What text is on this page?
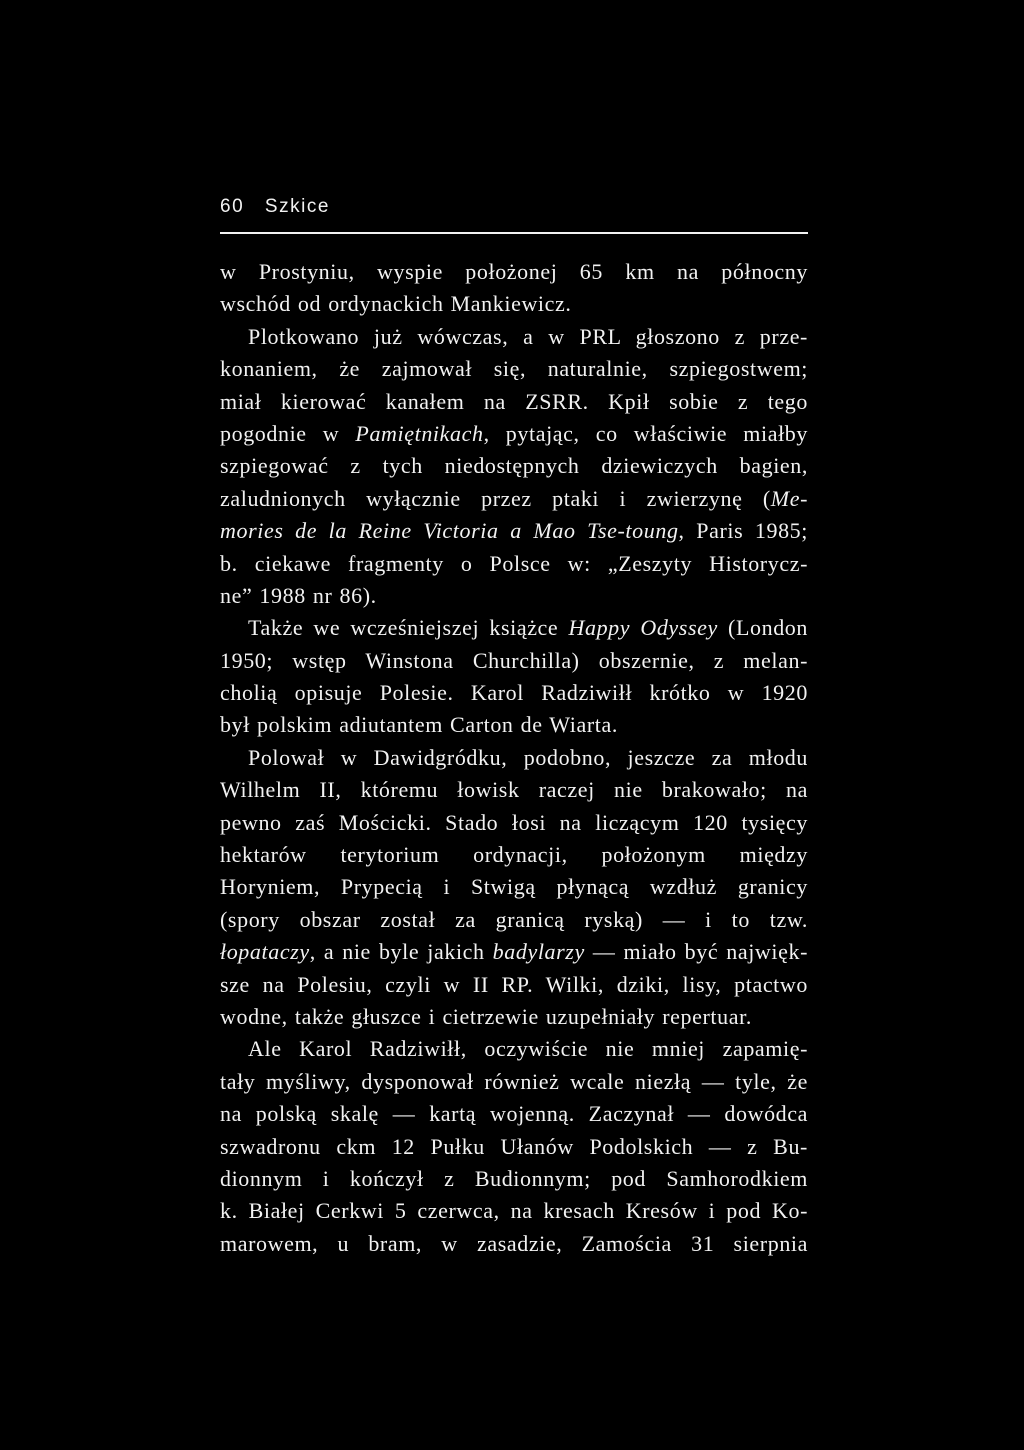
60 Szkice
w Prostyniu, wyspie położonej 65 km na północny
wschód od ordynackich Mankiewicz.
Plotkowano już wówczas, a w PRL głoszono z prze-
konaniem, że zajmował się, naturalnie, szpiegostwem;
miał kierować kanałem na ZSRR. Kpił sobie z tego
pogodnie w Pamiętnikach, pytając, co właściwie miałby
szpiegować z tych niedostępnych dziewiczych bagien,
zaludnionych wyłącznie przez ptaki i zwierzynę (Me-
mories de la Reine Victoria a Mao Tse-toung, Paris 1985;
b. ciekawe fragmenty o Polsce w: „Zeszyty Historycz-
ne” 1988 nr 86).
Także we wcześniejszej książce Happy Odyssey (London
1950; wstęp Winstona Churchilla) obszernie, z melan-
cholią opisuje Polesie. Karol Radziwiłł krótko w 1920
był polskim adiutantem Carton de Wiarta.
Polował w Dawidgródku, podobno, jeszcze za młodu
Wilhelm II, któremu łowisk raczej nie brakowało; na
pewno zaś Mościcki. Stado łosi na liczącym 120 tysięcy
hektarów terytorium ordynacji, położonym między
Horyniem, Prypecią i Stwigą płynącą wzdłuż granicy
(spory obszar został za granicą ryską) — i to tzw.
łopataczy, a nie byle jakich badylarzy — miało być najwięk-
sze na Polesiu, czyli w II RP. Wilki, dziki, lisy, ptactwo
wodne, także głuszce i cietrzewie uzupełniały repertuar.
Ale Karol Radziwiłł, oczywiście nie mniej zapamię-
tały myśliwy, dysponował również wcale niezłą — tyle, że
na polską skalę — kartą wojenną. Zaczynał — dowódca
szwadronu ckm 12 Pułku Ułanów Podolskich — z Bu-
dionnym i kończył z Budionnym; pod Samhorodkiem
k. Białej Cerkwi 5 czerwca, na kresach Kresów i pod Ko-
marowem, u bram, w zasadzie, Zamościa 31 sierpnia
